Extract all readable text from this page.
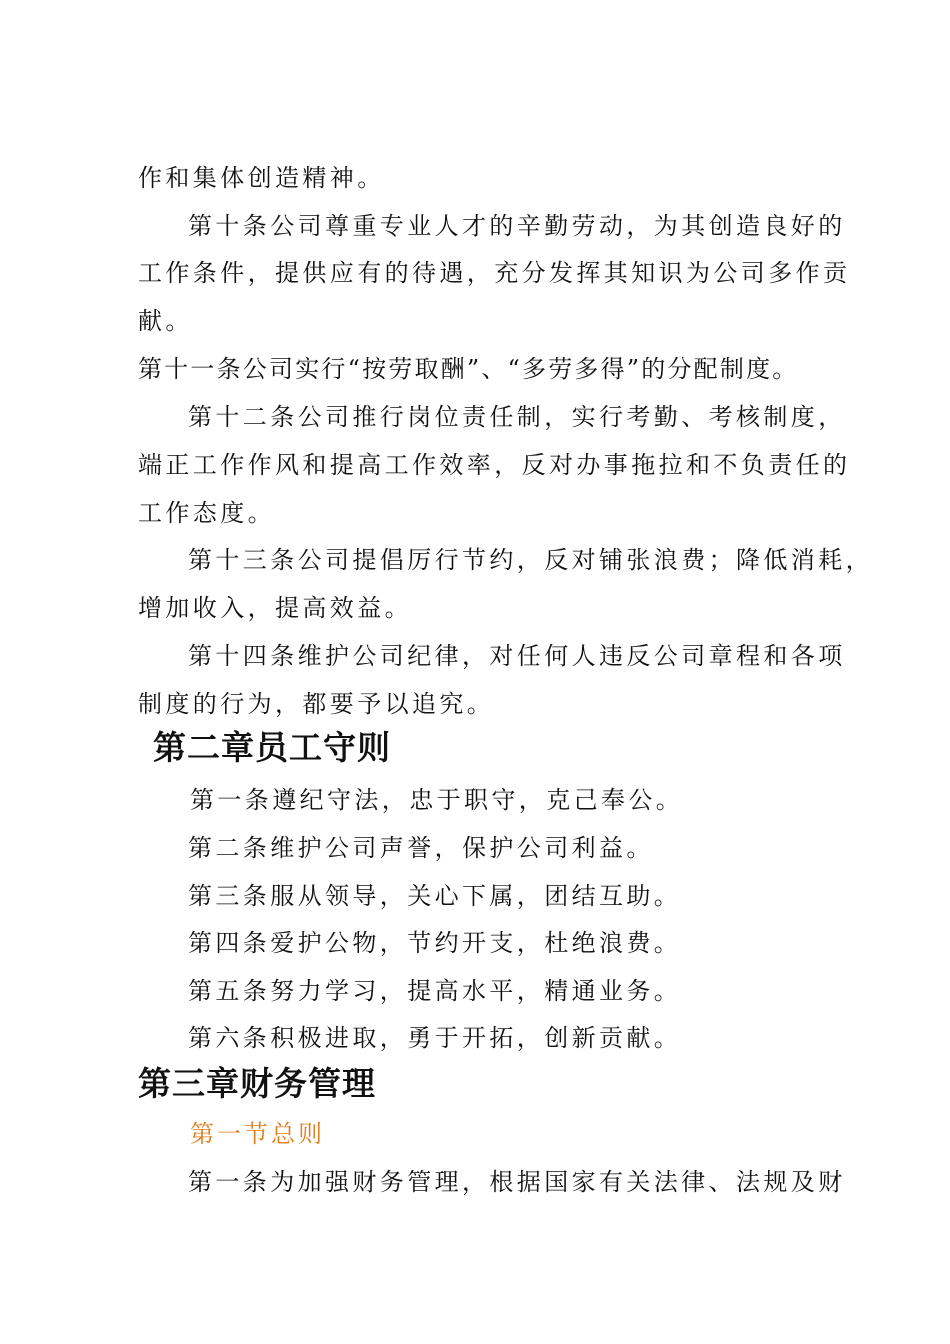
作和集体创造精神。
第十条公司尊重专业人才的辛勤劳动，为其创造良好的
工作条件，提供应有的待遇，充分发挥其知识为公司多作贡
献。
第十一条公司实行“按劳取酬”、“多劳多得”的分配制度。
第十二条公司推行岗位责任制，实行考勤、考核制度，
端正工作作风和提高工作效率，反对办事拖拉和不负责任的
工作态度。
第十三条公司提倡厉行节约，反对铺张浪费；降低消耗，
增加收入，提高效益。
第十四条维护公司纪律，对任何人违反公司章程和各项
制度的行为，都要予以追究。
第二章员工守则
第一条遵纪守法，忠于职守，克己奉公。
第二条维护公司声誉，保护公司利益。
第三条服从领导，关心下属，团结互助。
第四条爱护公物，节约开支，杜绝浪费。
第五条努力学习，提高水平，精通业务。
第六条积极进取，勇于开拓，创新贡献。
第三章财务管理
第一节总则
第一条为加强财务管理，根据国家有关法律、法规及财
